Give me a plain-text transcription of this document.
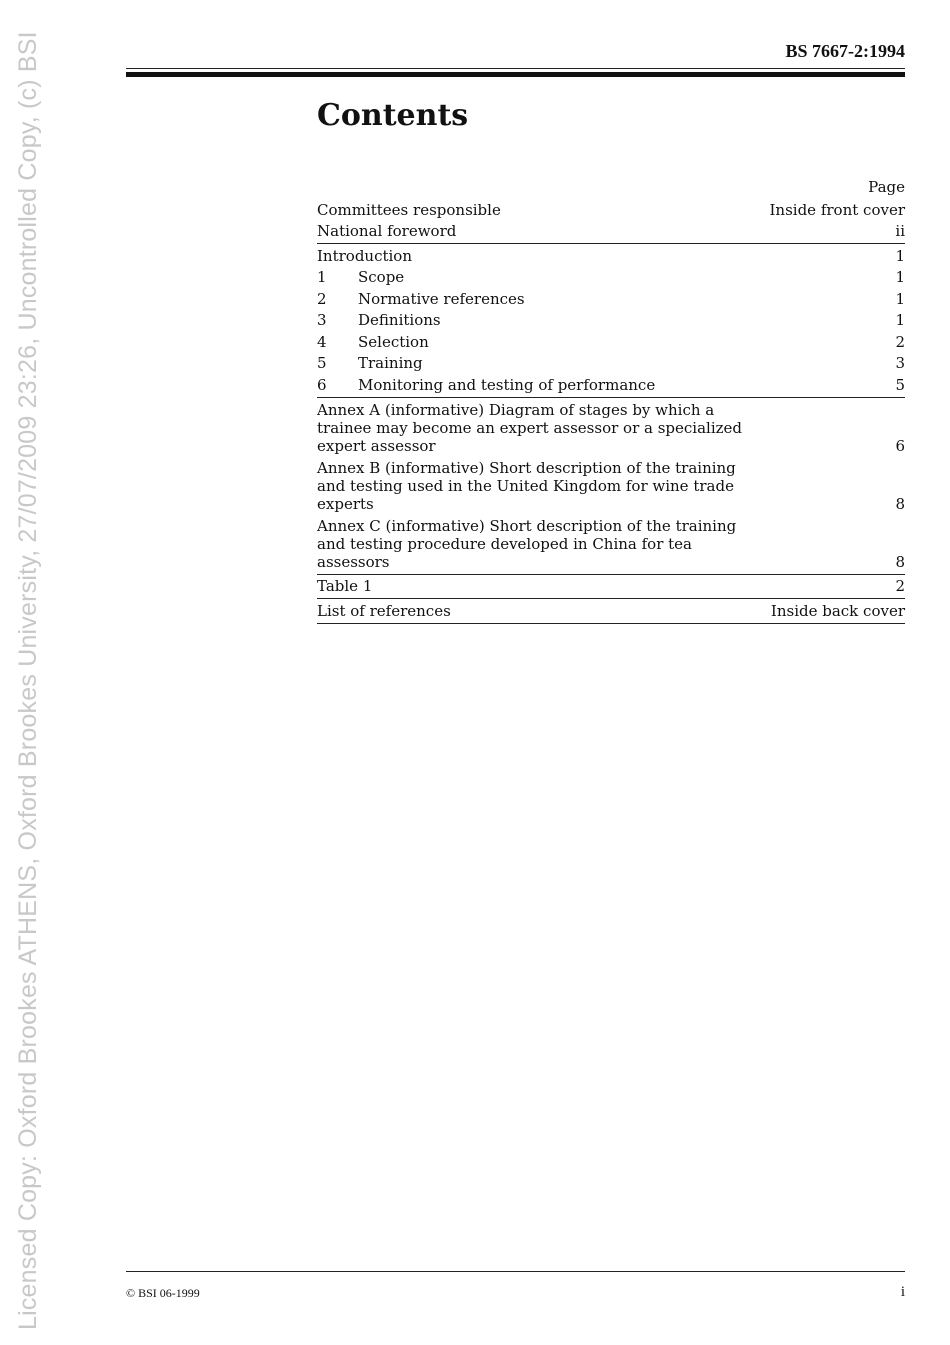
Licensed Copy: Oxford Brookes ATHENS, Oxford Brookes University, 27/07/2009 23:26, Uncontrolled Copy, (c) BSI	BS 7667-2:1994
Contents
Page
Committees responsible	Inside front cover
National foreword	ii
Introduction	1
1	Scope	1
2	Normative references	1
3	Definitions	1
4	Selection	2
5	Training	3
6	Monitoring and testing of performance	5
Annex A (informative) Diagram of stages by which a trainee may become an expert assessor or a specialized expert assessor	6
Annex B (informative) Short description of the training and testing used in the United Kingdom for wine trade experts	8
Annex C (informative) Short description of the training and testing procedure developed in China for tea assessors	8
Table 1	2
List of references	Inside back cover
© BSI 06-1999	i
